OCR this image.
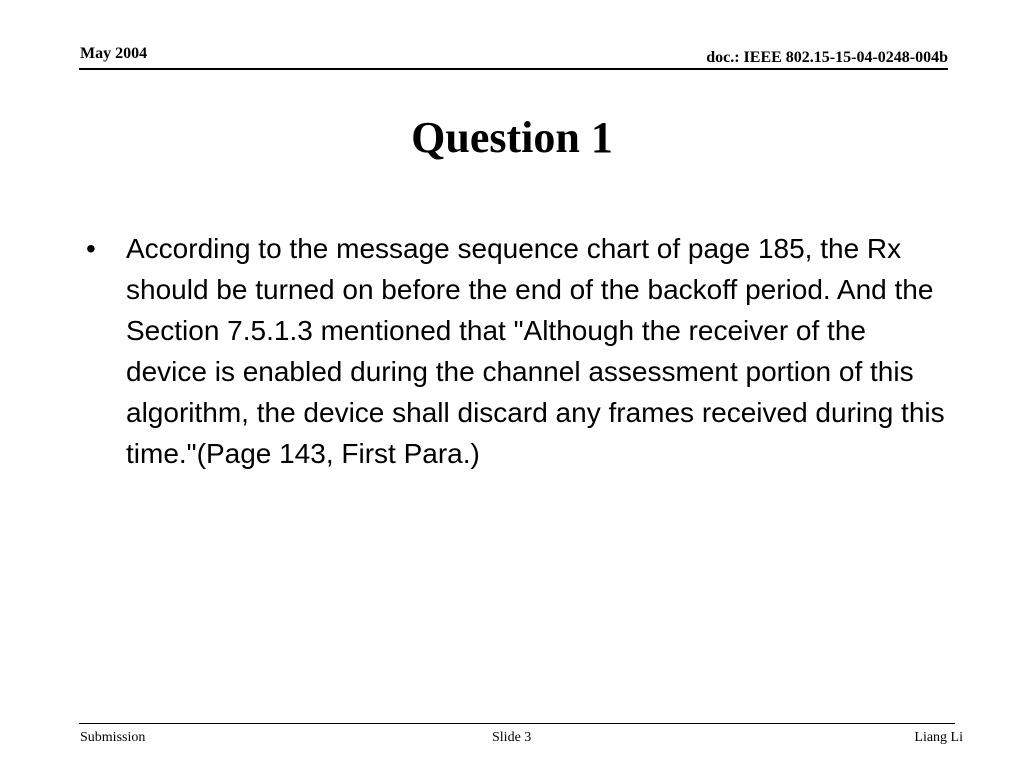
May 2004	doc.: IEEE 802.15-15-04-0248-004b
Question 1
•	According to the message sequence chart of page 185, the Rx should be turned on before the end of the backoff period. And the Section 7.5.1.3 mentioned that "Although the receiver of the device is enabled during the channel assessment portion of this algorithm, the device shall discard any frames received during this time."(Page 143, First Para.)
Submission	Slide 3	Liang Li
